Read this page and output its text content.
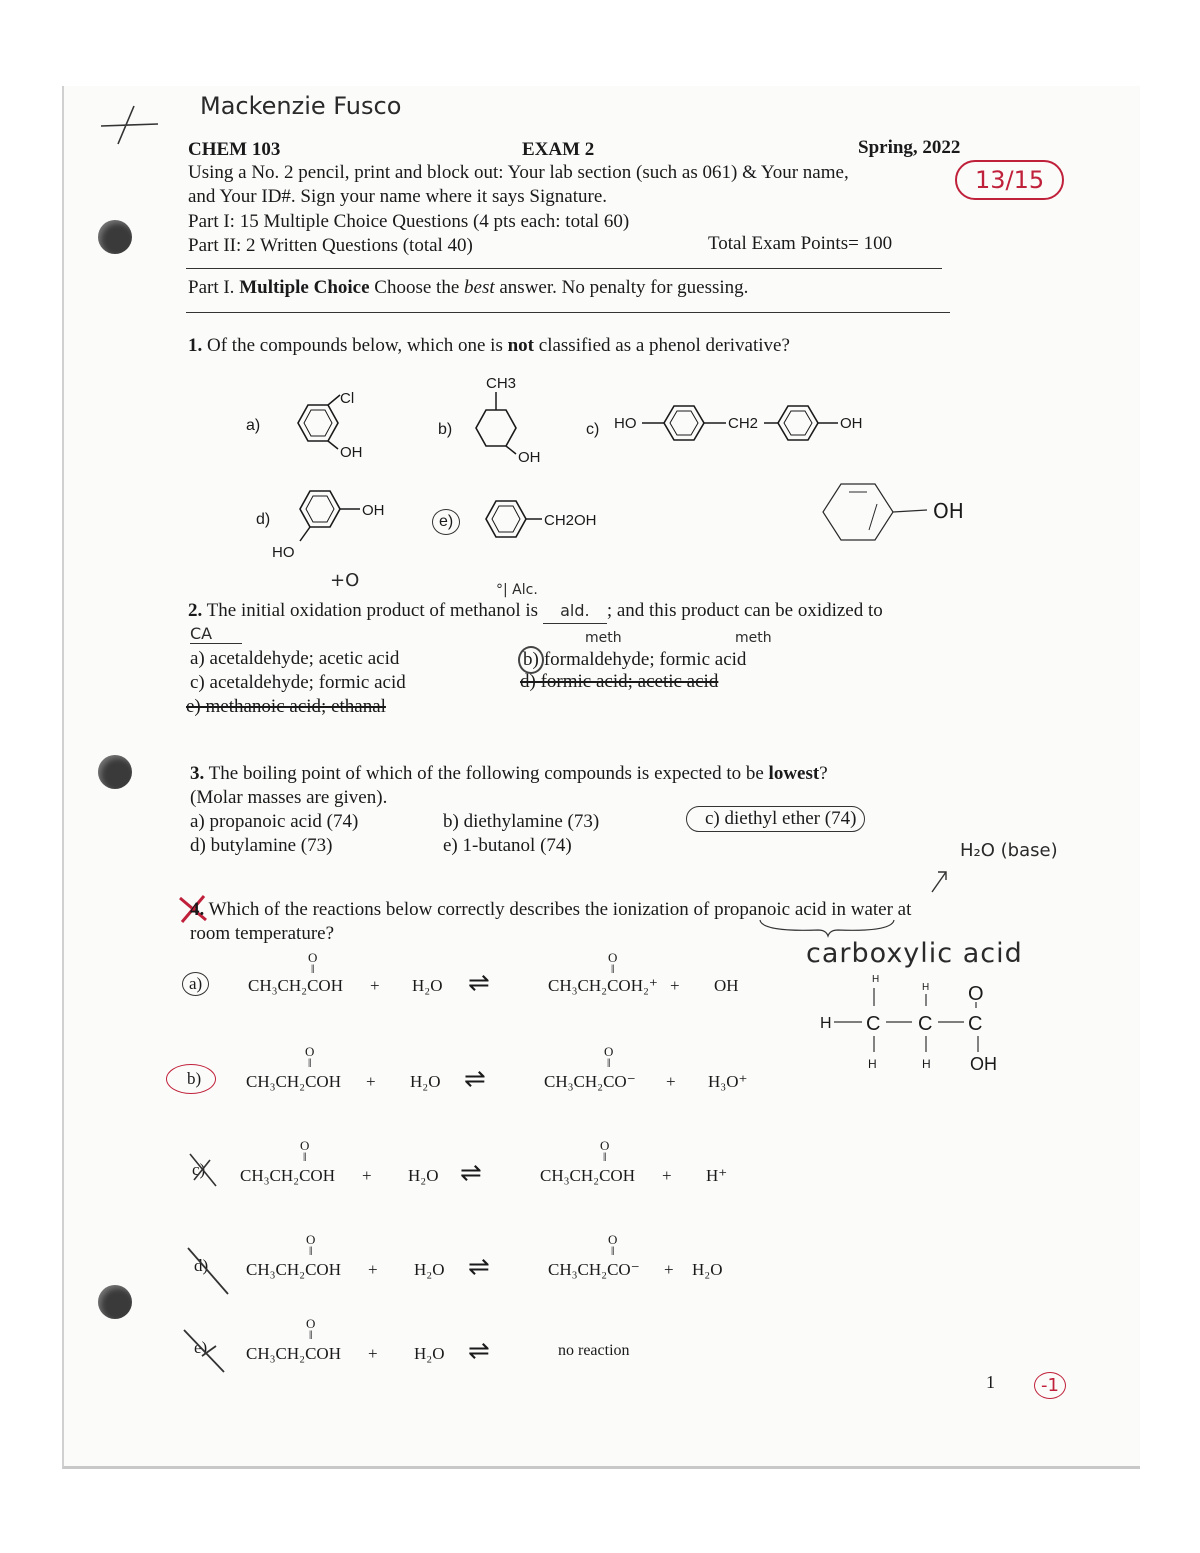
Mackenzie Fusco
13/15
CHEM 103	EXAM 2	Spring, 2022
Using a No. 2 pencil, print and block out: Your lab section (such as 061) & Your name,
and Your ID#. Sign your name where it says Signature.
Part I: 15 Multiple Choice Questions (4 pts each: total 60)
Part II: 2 Written Questions (total 40)	Total Exam Points= 100
Part I. Multiple Choice Choose the best answer. No penalty for guessing.
1. Of the compounds below, which one is not classified as a phenol derivative?
a)
Cl
OH
b)
CH3
OH
c) HO	CH2	OH
d)
OH
HO
e)	CH2OH	OH
+O	°| Alc.
2. The initial oxidation product of methanol is ald. ; and this product can be oxidized to
CA	meth	meth
a) acetaldehyde; acetic acid	b) formaldehyde; formic acid
c) acetaldehyde; formic acid	d) formic acid; acetic acid
e) methanoic acid; ethanal
3. The boiling point of which of the following compounds is expected to be lowest?
(Molar masses are given).
a) propanoic acid (74)	b) diethylamine (73)	c) diethyl ether (74)
d) butylamine (73)	e) 1-butanol (74)	H₂O (base)
4. Which of the reactions below correctly describes the ionization of propanoic acid in water at
room temperature?
carboxylic acid
H
H O
H C C C
H	H OH
a)	CH₃CH₂COH
O
‖
+ H₂O ⇌	CH₃CH₂COH₂⁺
O
‖
+ OH
b)	CH₃CH₂COH
O
‖
+ H₂O ⇌	CH₃CH₂CO⁻
O
‖
+ H₃O⁺
c) CH₃CH₂COH
O
‖
+ H₂O ⇌	CH₃CH₂COH
O
‖
+ H⁺
d) CH₃CH₂COH
O
‖
+ H₂O ⇌	CH₃CH₂CO⁻
O
‖
+ H₂O
e) CH₃CH₂COH
O
‖
+ H₂O ⇌	no reaction
1	-1
